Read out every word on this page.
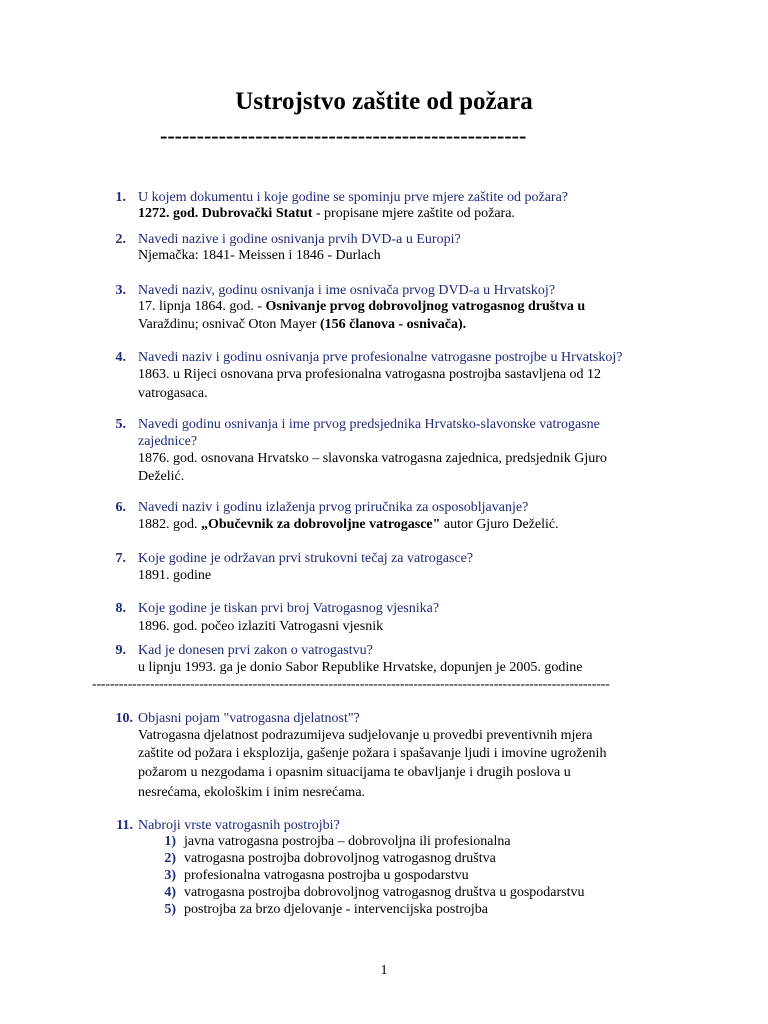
Ustrojstvo zaštite od požara
--------------------------------------------------
1. U kojem dokumentu i koje godine se spominju prve mjere zaštite od požara?
1272. god. Dubrovački Statut - propisane mjere zaštite od požara.
2. Navedi nazive i godine osnivanja prvih DVD-a u Europi?
Njemačka: 1841- Meissen i 1846 - Durlach
3. Navedi naziv, godinu osnivanja i ime osnivača prvog DVD-a u Hrvatskoj?
17. lipnja 1864. god. - Osnivanje prvog dobrovoljnog vatrogasnog društva u
Varaždinu; osnivač Oton Mayer (156 članova - osnivača).
4. Navedi naziv i godinu osnivanja prve profesionalne vatrogasne postrojbe u Hrvatskoj?
1863. u Rijeci osnovana prva profesionalna vatrogasna postrojba sastavljena od 12
vatrogasaca.
5. Navedi godinu osnivanja i ime prvog predsjednika Hrvatsko-slavonske vatrogasne
zajednice?
1876. god. osnovana Hrvatsko – slavonska vatrogasna zajednica, predsjednik Gjuro
Deželić.
6. Navedi naziv i godinu izlaženja prvog priručnika za osposobljavanje?
1882. god. „Obučevnik za dobrovoljne vatrogasce" autor Gjuro Deželić.
7. Koje godine je održavan prvi strukovni tečaj za vatrogasce?
1891. godine
8. Koje godine je tiskan prvi broj Vatrogasnog vjesnika?
1896. god. počeo izlaziti Vatrogasni vjesnik
9. Kad je donesen prvi zakon o vatrogastvu?
u lipnju 1993. ga je donio Sabor Republike Hrvatske, dopunjen je 2005. godine
--------------------------------------------------------------------------------------------------------------------
10. Objasni pojam "vatrogasna djelatnost"?
Vatrogasna djelatnost podrazumijeva sudjelovanje u provedbi preventivnih mjera
zaštite od požara i eksplozija, gašenje požara i spašavanje ljudi i imovine ugroženih
požarom u nezgodama i opasnim situacijama te obavljanje i drugih poslova u
nesrećama, ekološkim i inim nesrećama.
11. Nabroji vrste vatrogasnih postrojbi?
1) javna vatrogasna postrojba – dobrovoljna ili profesionalna
2) vatrogasna postrojba dobrovoljnog vatrogasnog društva
3) profesionalna vatrogasna postrojba u gospodarstvu
4) vatrogasna postrojba dobrovoljnog vatrogasnog društva u gospodarstvu
5) postrojba za brzo djelovanje - intervencijska postrojba
1
